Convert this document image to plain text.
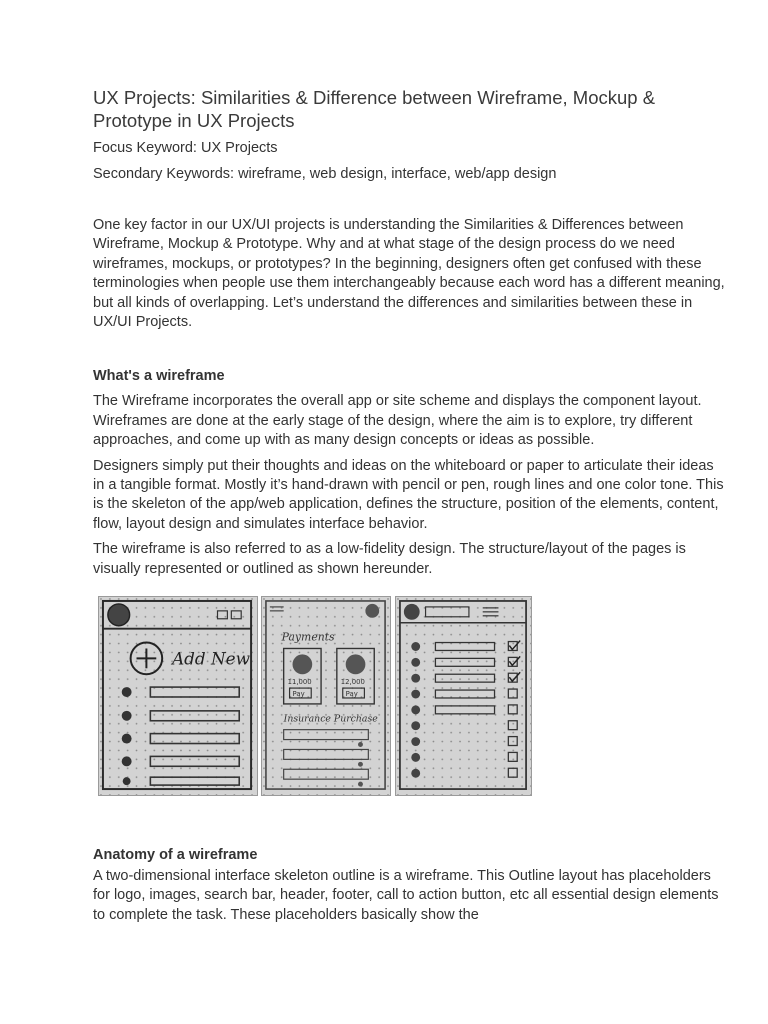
UX Projects: Similarities & Difference between Wireframe, Mockup & Prototype in UX Projects

Focus Keyword: UX Projects

Secondary Keywords: wireframe, web design, interface, web/app design

One key factor in our UX/UI projects is understanding the Similarities & Differences between Wireframe, Mockup & Prototype. Why and at what stage of the design process do we need wireframes, mockups, or prototypes? In the beginning, designers often get confused with these terminologies when people use them interchangeably because each word has a different meaning, but all kinds of overlapping. Let’s understand the differences and similarities between these in UX/UI Projects.

What's a wireframe

The Wireframe incorporates the overall app or site scheme and displays the component layout. Wireframes are done at the early stage of the design, where the aim is to explore, try different approaches, and come up with as many design concepts or ideas as possible.

Designers simply put their thoughts and ideas on the whiteboard or paper to articulate their ideas in a tangible format. Mostly it’s hand-drawn with pencil or pen, rough lines and one color tone. This is the skeleton of the app/web application, defines the structure, position of the elements, content, flow, layout design and simulates interface behavior.

The wireframe is also referred to as a low-fidelity design. The structure/layout of the pages is visually represented or outlined as shown hereunder.

Add New
Payments
11,000	12,000
Pay	Pay
Insurance Purchase
Anatomy of a wireframe

A two-dimensional interface skeleton outline is a wireframe. This Outline layout has placeholders for logo, images, search bar, header, footer, call to action button, etc all essential design elements to complete the task. These placeholders basically show the
